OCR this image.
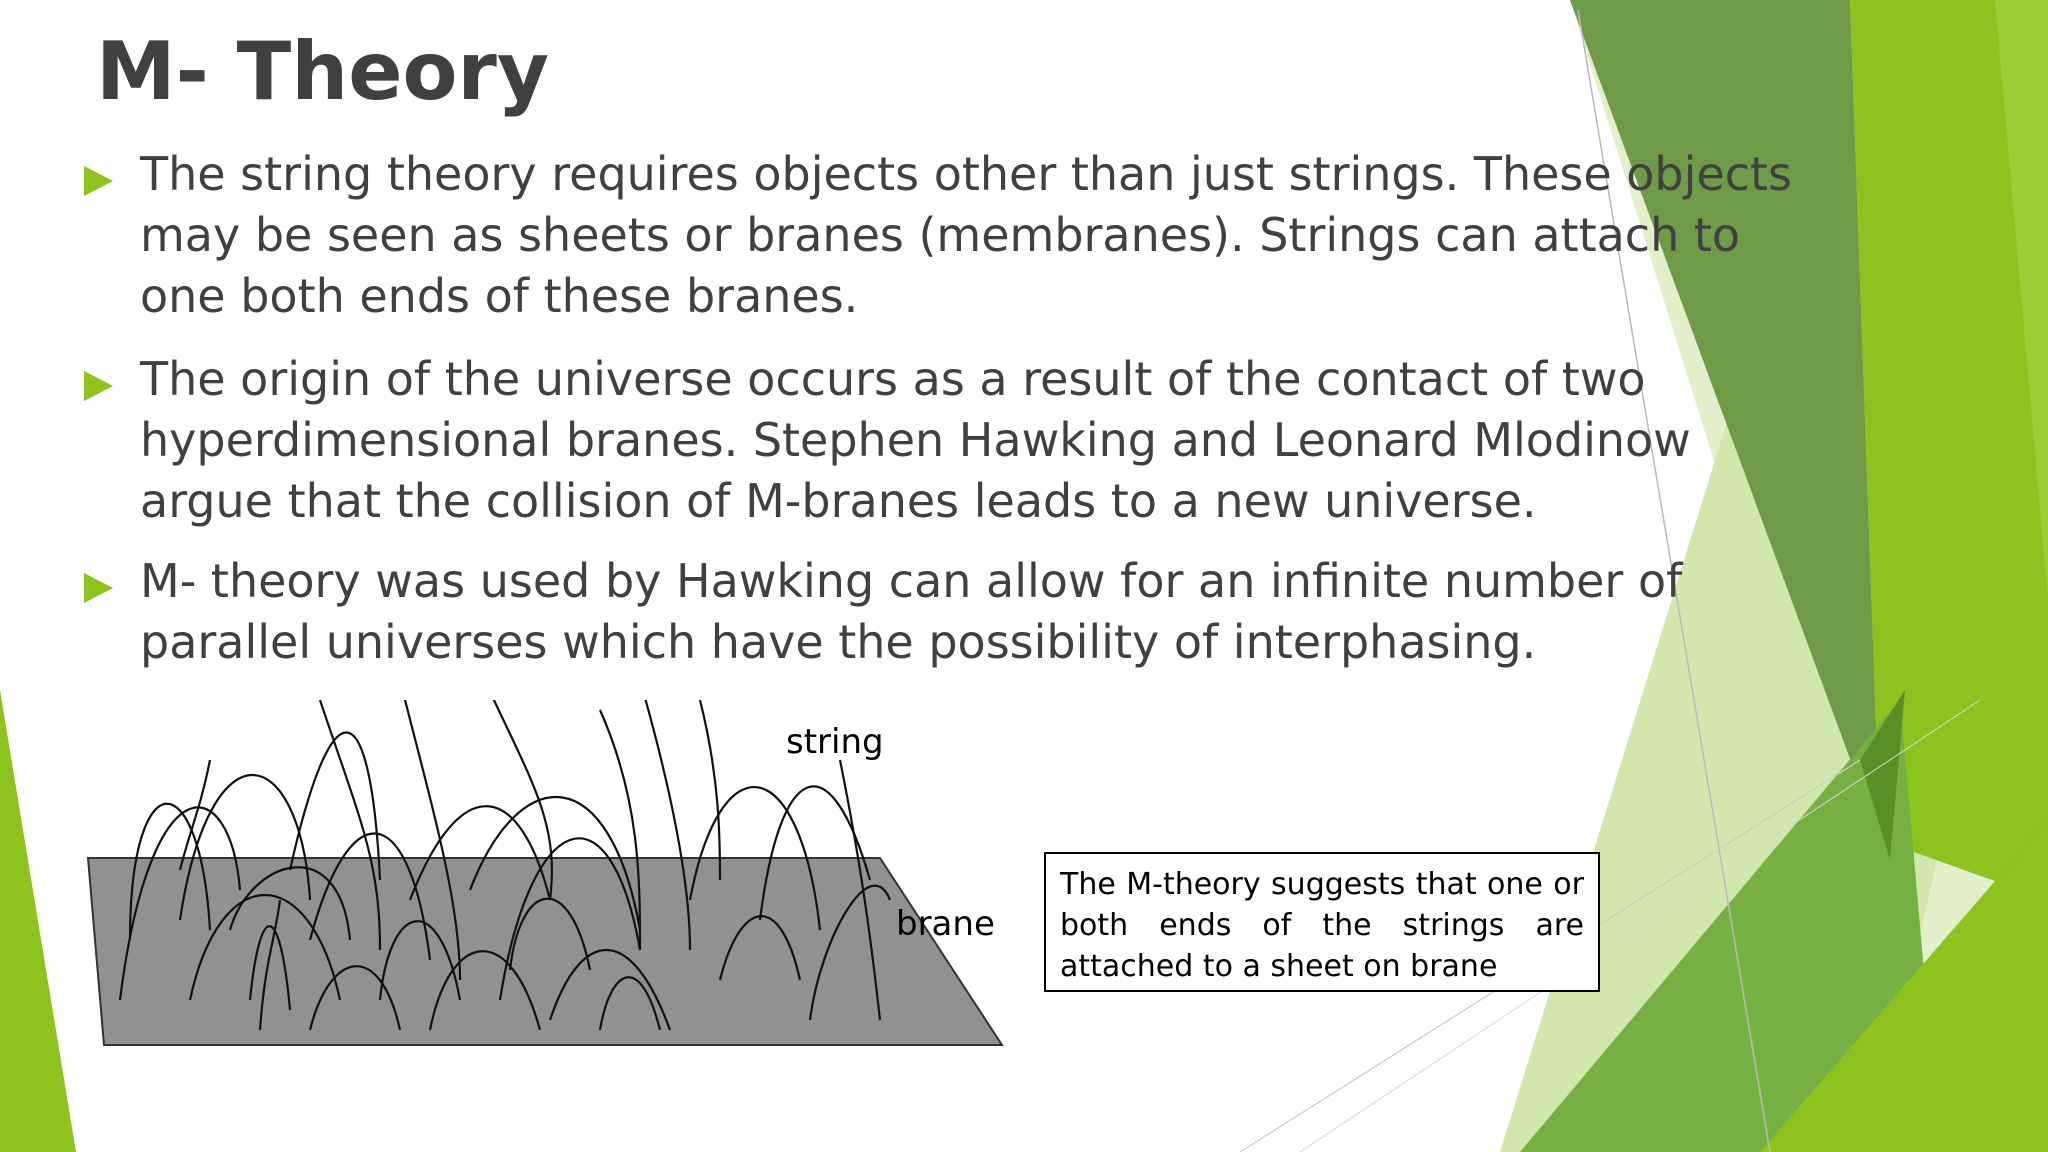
M- Theory
The string theory requires objects other than just strings. These objects may be seen as sheets or branes (membranes). Strings can attach to one both ends of these branes.
The origin of the universe occurs as a result of the contact of two hyperdimensional branes. Stephen Hawking and Leonard Mlodinow argue that the collision of M-branes leads to a new universe.
M- theory was used by Hawking can allow for an infinite number of parallel universes which have the possibility of interphasing.
string
brane
The M-theory suggests that one or both ends of the strings are attached to a sheet on brane
